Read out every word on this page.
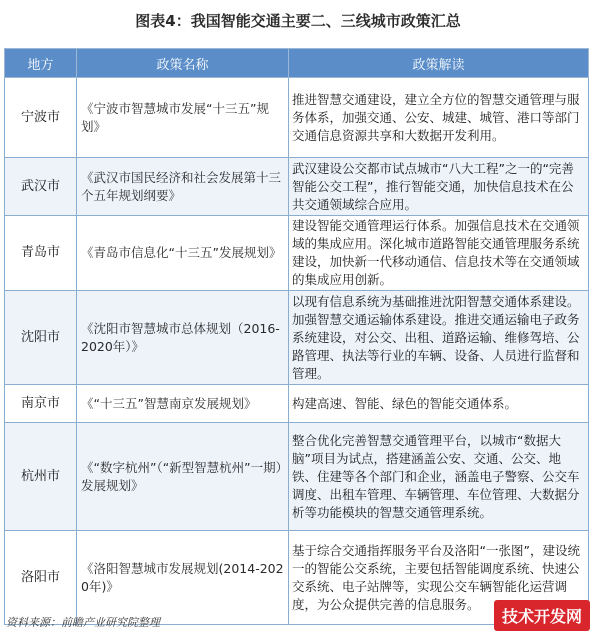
图表4：我国智能交通主要二、三线城市政策汇总
地方	政策名称	政策解读
宁波市	《宁波市智慧城市发展“十三五”规划》	推进智慧交通建设，建立全方位的智慧交通管理与服务体系，加强交通、公安、城建、城管、港口等部门交通信息资源共享和大数据开发利用。
武汉市	《武汉市国民经济和社会发展第十三个五年规划纲要》	武汉建设公交都市试点城市“八大工程”之一的“完善智能公交工程”，推行智能交通，加快信息技术在公共交通领域综合应用。
青岛市	《青岛市信息化“十三五”发展规划》	建设智能交通管理运行体系。加强信息技术在交通领域的集成应用。深化城市道路智能交通管理服务系统建设，加快新一代移动通信、信息技术等在交通领域的集成应用创新。
沈阳市	《沈阳市智慧城市总体规划（2016-2020年）》	以现有信息系统为基础推进沈阳智慧交通体系建设。加强智慧交通运输体系建设。推进交通运输电子政务系统建设，对公交、出租、道路运输、维修驾培、公路管理、执法等行业的车辆、设备、人员进行监督和管理。
南京市	《“十三五”智慧南京发展规划》	构建高速、智能、绿色的智能交通体系。
杭州市	《“数字杭州”（“新型智慧杭州”一期）发展规划》	整合优化完善智慧交通管理平台，以城市“数据大脑”项目为试点，搭建涵盖公安、交通、公交、地铁、住建等各个部门和企业，涵盖电子警察、公交车调度、出租车管理、车辆管理、车位管理、大数据分析等功能模块的智慧交通管理系统。
洛阳市	《洛阳智慧城市发展规划(2014-2020年)》	基于综合交通指挥服务平台及洛阳“一张图”，建设统一的智能公交系统，主要包括智能调度系统、快速公交系统、电子站牌等，实现公交车辆智能化运营调度，为公众提供完善的信息服务。
资料来源：前瞻产业研究院整理	技术开发网
